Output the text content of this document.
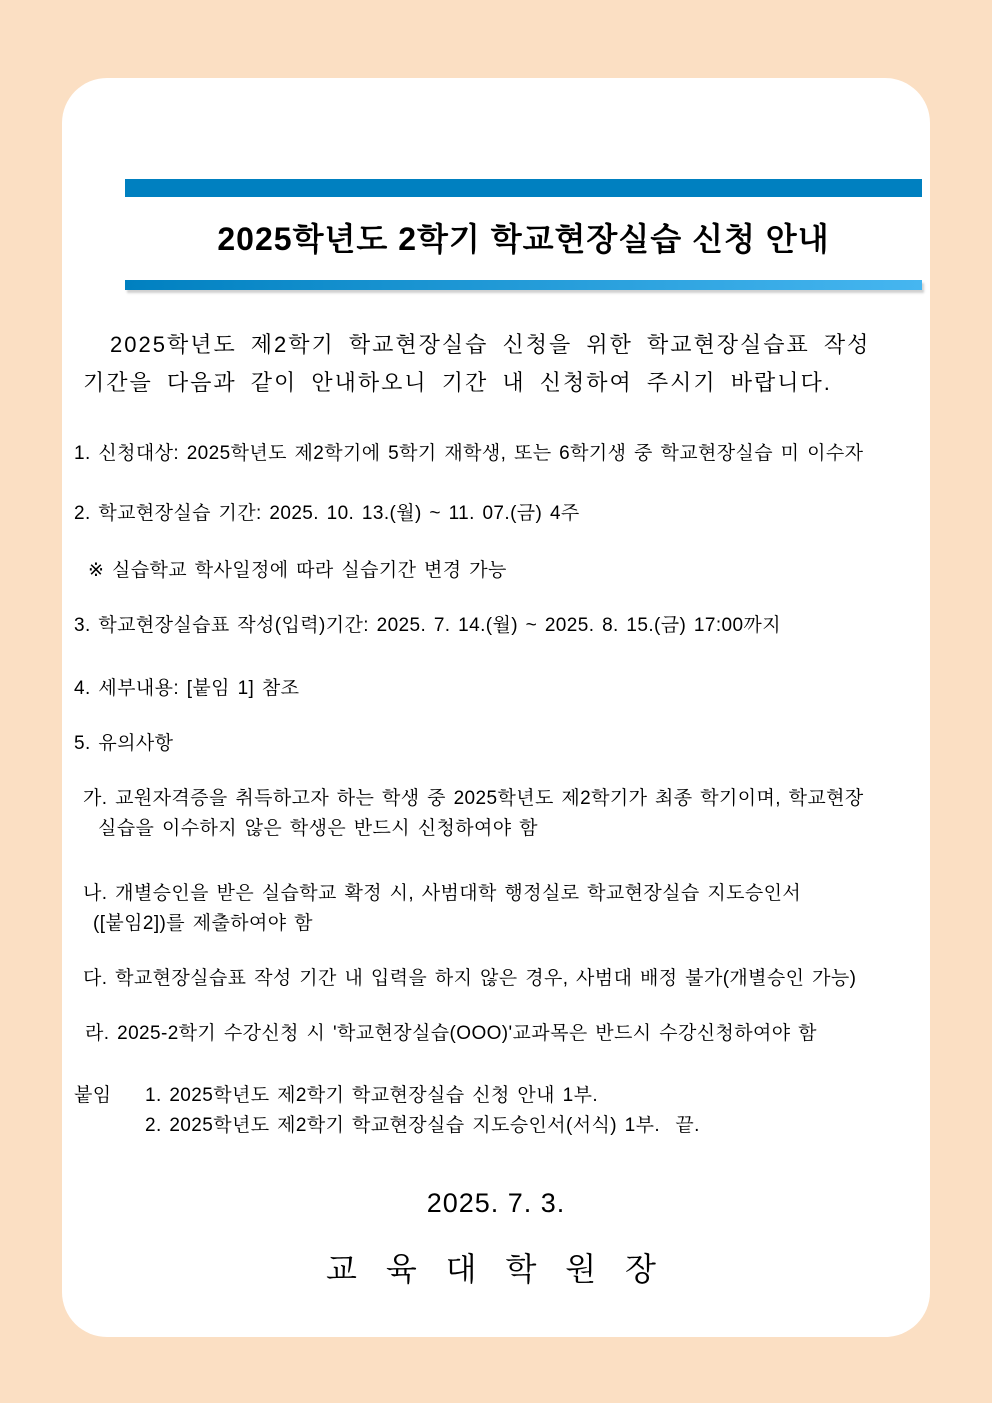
2025학년도 2학기 학교현장실습 신청 안내
2025학년도 제2학기 학교현장실습 신청을 위한 학교현장실습표 작성
기간을 다음과 같이 안내하오니 기간 내 신청하여 주시기 바랍니다.
1. 신청대상: 2025학년도 제2학기에 5학기 재학생, 또는 6학기생 중 학교현장실습 미 이수자
2. 학교현장실습 기간: 2025. 10. 13.(월) ~ 11. 07.(금) 4주
※ 실습학교 학사일정에 따라 실습기간 변경 가능
3. 학교현장실습표 작성(입력)기간: 2025. 7. 14.(월) ~ 2025. 8. 15.(금) 17:00까지
4. 세부내용: [붙임 1] 참조
5. 유의사항
가. 교원자격증을 취득하고자 하는 학생 중 2025학년도 제2학기가 최종 학기이며, 학교현장
실습을 이수하지 않은 학생은 반드시 신청하여야 함
나. 개별승인을 받은 실습학교 확정 시, 사범대학 행정실로 학교현장실습 지도승인서
([붙임2])를 제출하여야 함
다. 학교현장실습표 작성 기간 내 입력을 하지 않은 경우, 사범대 배정 불가(개별승인 가능)
라. 2025-2학기 수강신청 시 '학교현장실습(OOO)'교과목은 반드시 수강신청하여야 함
붙임 1. 2025학년도 제2학기 학교현장실습 신청 안내 1부.
2. 2025학년도 제2학기 학교현장실습 지도승인서(서식) 1부.  끝.
2025. 7. 3.
교 육 대 학 원 장
